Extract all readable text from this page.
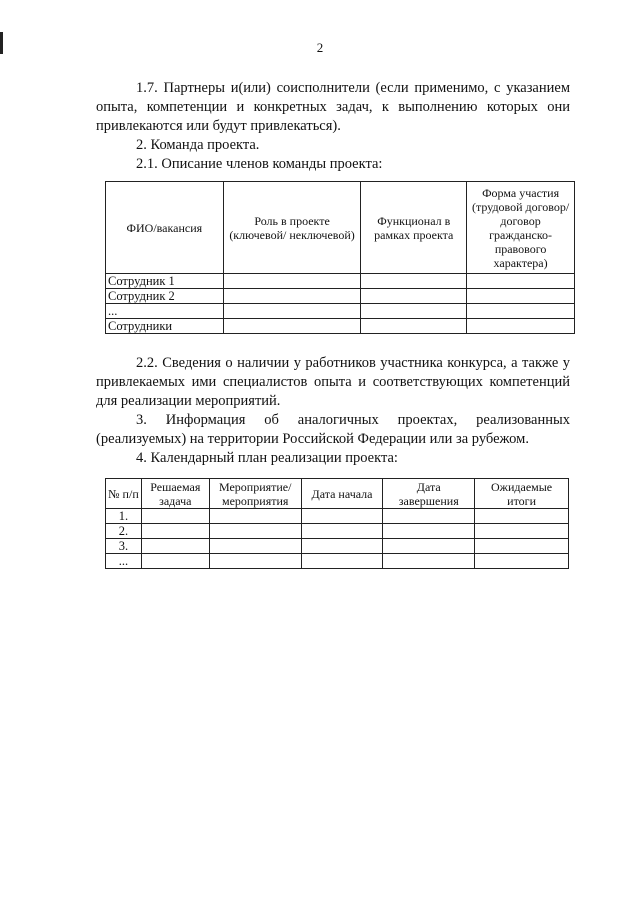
2

1.7. Партнеры и(или) соисполнители (если применимо, с указанием опыта, компетенции и конкретных задач, к выполнению которых они привлекаются или будут привлекаться).

2. Команда проекта.

2.1. Описание членов команды проекта:

ФИО/вакансия	Роль в проекте (ключевой/ неключевой)	Функционал в рамках проекта	Форма участия (трудовой договор/договор гражданско-правового характера)
Сотрудник 1			
Сотрудник 2			
...			
Сотрудники			

2.2. Сведения о наличии у работников участника конкурса, а также у привлекаемых ими специалистов опыта и соответствующих компетенций для реализации мероприятий.

3. Информация об аналогичных проектах, реализованных (реализуемых) на территории Российской Федерации или за рубежом.

4. Календарный план реализации проекта:

№ п/п	Решаемая задача	Мероприятие/ мероприятия	Дата начала	Дата завершения	Ожидаемые итоги
1.					
2.					
3.					
...					
